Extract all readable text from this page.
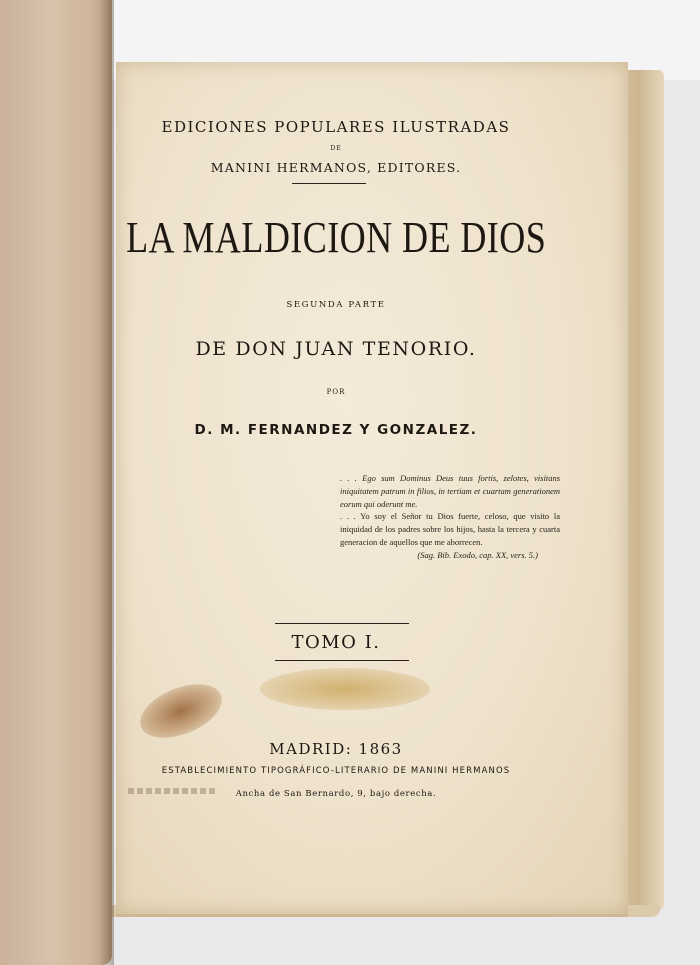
EDICIONES POPULARES ILUSTRADAS
DE
MANINI HERMANOS, EDITORES.
LA MALDICION DE DIOS
SEGUNDA PARTE
DE DON JUAN TENORIO.
POR
D. M. FERNANDEZ Y GONZALEZ.

. . . Ego sum Dominus Deus tuus fortis, zelotes, visitans iniquitatem patrum in filios, in tertiam et cuartam generationem eorum qui oderunt me.

. . . Yo soy el Señor tu Dios fuerte, celoso, que visito la iniquidad de los padres sobre los hijos, hasta la tercera y cuarta generacion de aquellos que me aborrecen.

(Sag. Bib. Exodo, cap. XX, vers. 5.)
TOMO I.
MADRID: 1863
ESTABLECIMIENTO TIPOGRÁFICO-LITERARIO DE MANINI HERMANOS
Ancha de San Bernardo, 9, bajo derecha.
